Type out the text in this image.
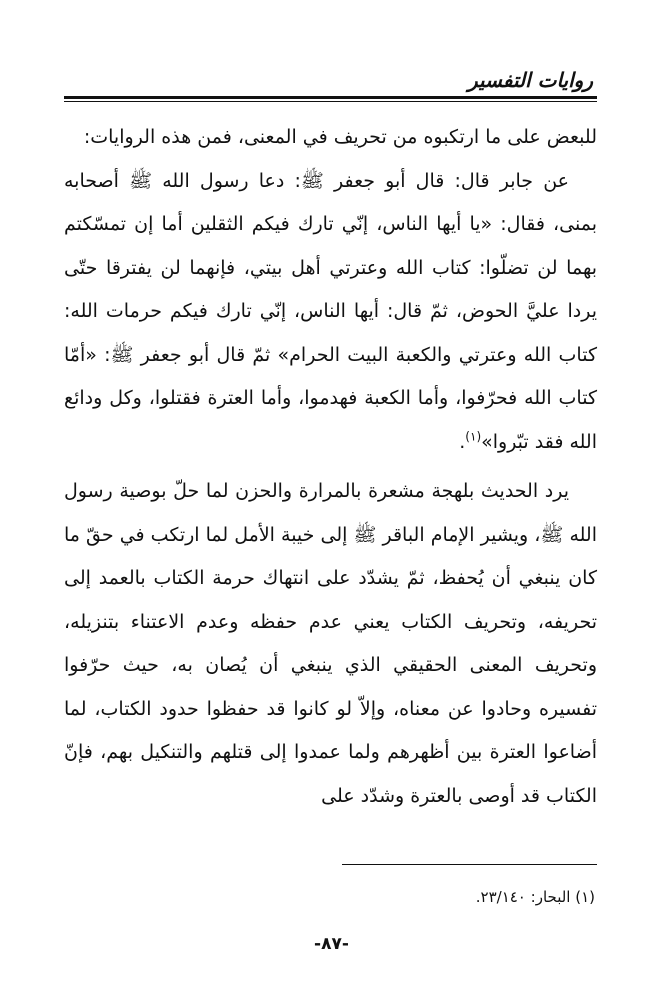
روايات التفسير

للبعض على ما ارتكبوه من تحريف في المعنى، فمن هذه الروايات:

عن جابر قال: قال أبو جعفر ﷺ: دعا رسول الله ﷺ أصحابه بمنى، فقال: «يا أيها الناس، إنّي تارك فيكم الثقلين أما إن تمسّكتم بهما لن تضلّوا: كتاب الله وعترتي أهل بيتي، فإنهما لن يفترقا حتّى يردا عليَّ الحوض، ثمّ قال: أيها الناس، إنّي تارك فيكم حرمات الله: كتاب الله وعترتي والكعبة البيت الحرام» ثمّ قال أبو جعفر ﷺ: «أمّا كتاب الله فحرّفوا، وأما الكعبة فهدموا، وأما العترة فقتلوا، وكل ودائع الله فقد تبّروا»$^{(١)}$.

يرد الحديث بلهجة مشعرة بالمرارة والحزن لما حلّ بوصية رسول الله ﷺ، ويشير الإمام الباقر ﷺ إلى خيبة الأمل لما ارتكب في حقّ ما كان ينبغي أن يُحفظ، ثمّ يشدّد على انتهاك حرمة الكتاب بالعمد إلى تحريفه، وتحريف الكتاب يعني عدم حفظه وعدم الاعتناء بتنزيله، وتحريف المعنى الحقيقي الذي ينبغي أن يُصان به، حيث حرّفوا تفسيره وحادوا عن معناه، وإلاّ لو كانوا قد حفظوا حدود الكتاب، لما أضاعوا العترة بين أظهرهم ولما عمدوا إلى قتلهم والتنكيل بهم، فإنّ الكتاب قد أوصى بالعترة وشدّد على

(١) البحار: ٢٣/١٤٠.
-٨٧-
